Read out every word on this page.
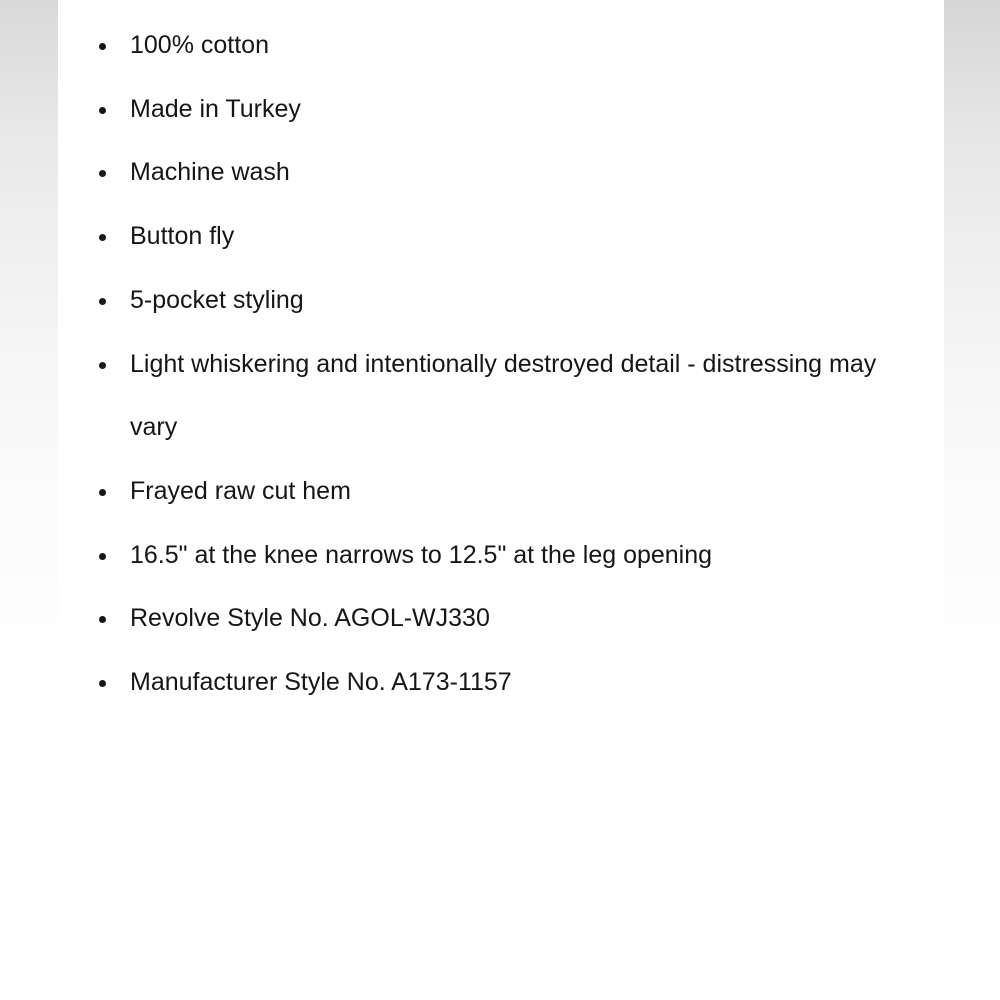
100% cotton
Made in Turkey
Machine wash
Button fly
5-pocket styling
Light whiskering and intentionally destroyed detail - distressing may vary
Frayed raw cut hem
16.5" at the knee narrows to 12.5" at the leg opening
Revolve Style No. AGOL-WJ330
Manufacturer Style No. A173-1157
